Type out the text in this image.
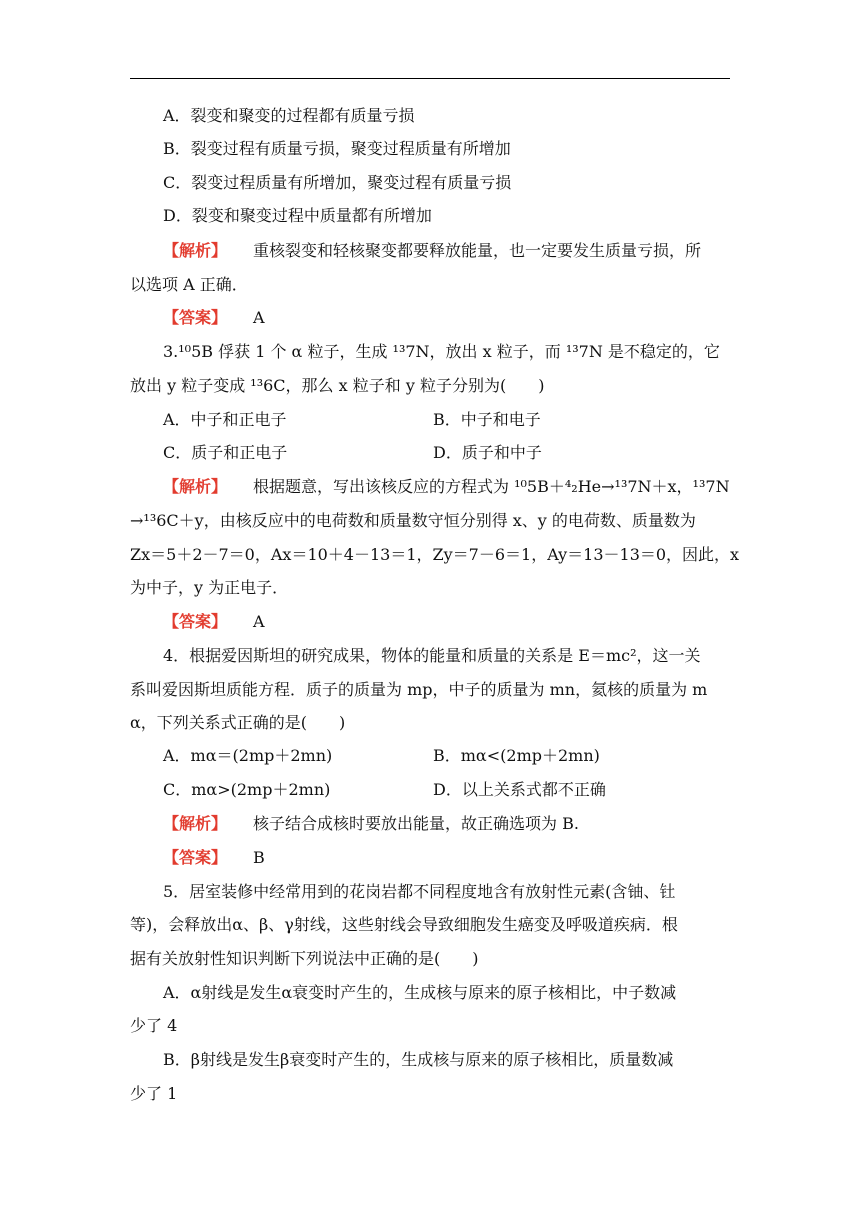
A．裂变和聚变的过程都有质量亏损
B．裂变过程有质量亏损，聚变过程质量有所增加
C．裂变过程质量有所增加，聚变过程有质量亏损
D．裂变和聚变过程中质量都有所增加
【解析】 重核裂变和轻核聚变都要释放能量，也一定要发生质量亏损，所
以选项 A 正确．
【答案】 A
3.¹⁰5B 俘获 1 个 α 粒子，生成 ¹³7N，放出 x 粒子，而 ¹³7N 是不稳定的，它
放出 y 粒子变成 ¹³6C，那么 x 粒子和 y 粒子分别为(　　)
A．中子和正电子	B．中子和电子
C．质子和正电子	D．质子和中子
【解析】 根据题意，写出该核反应的方程式为 ¹⁰5B＋⁴₂He→¹³7N＋x，¹³7N
→¹³6C＋y，由核反应中的电荷数和质量数守恒分别得 x、y 的电荷数、质量数为
Zx＝5＋2－7＝0，Ax＝10＋4－13＝1，Zy＝7－6＝1，Ay＝13－13＝0，因此，x
为中子，y 为正电子．
【答案】 A
4．根据爱因斯坦的研究成果，物体的能量和质量的关系是 E＝mc²，这一关
系叫爱因斯坦质能方程．质子的质量为 mp，中子的质量为 mn，氦核的质量为 m
α，下列关系式正确的是(　　)
A．mα＝(2mp＋2mn)	B．mα<(2mp＋2mn)
C．mα>(2mp＋2mn)	D．以上关系式都不正确
【解析】 核子结合成核时要放出能量，故正确选项为 B.
【答案】 B
5．居室装修中经常用到的花岗岩都不同程度地含有放射性元素(含铀、钍
等)，会释放出α、β、γ射线，这些射线会导致细胞发生癌变及呼吸道疾病．根
据有关放射性知识判断下列说法中正确的是(　　)
A．α射线是发生α衰变时产生的，生成核与原来的原子核相比，中子数减
少了 4
B．β射线是发生β衰变时产生的，生成核与原来的原子核相比，质量数减
少了 1
